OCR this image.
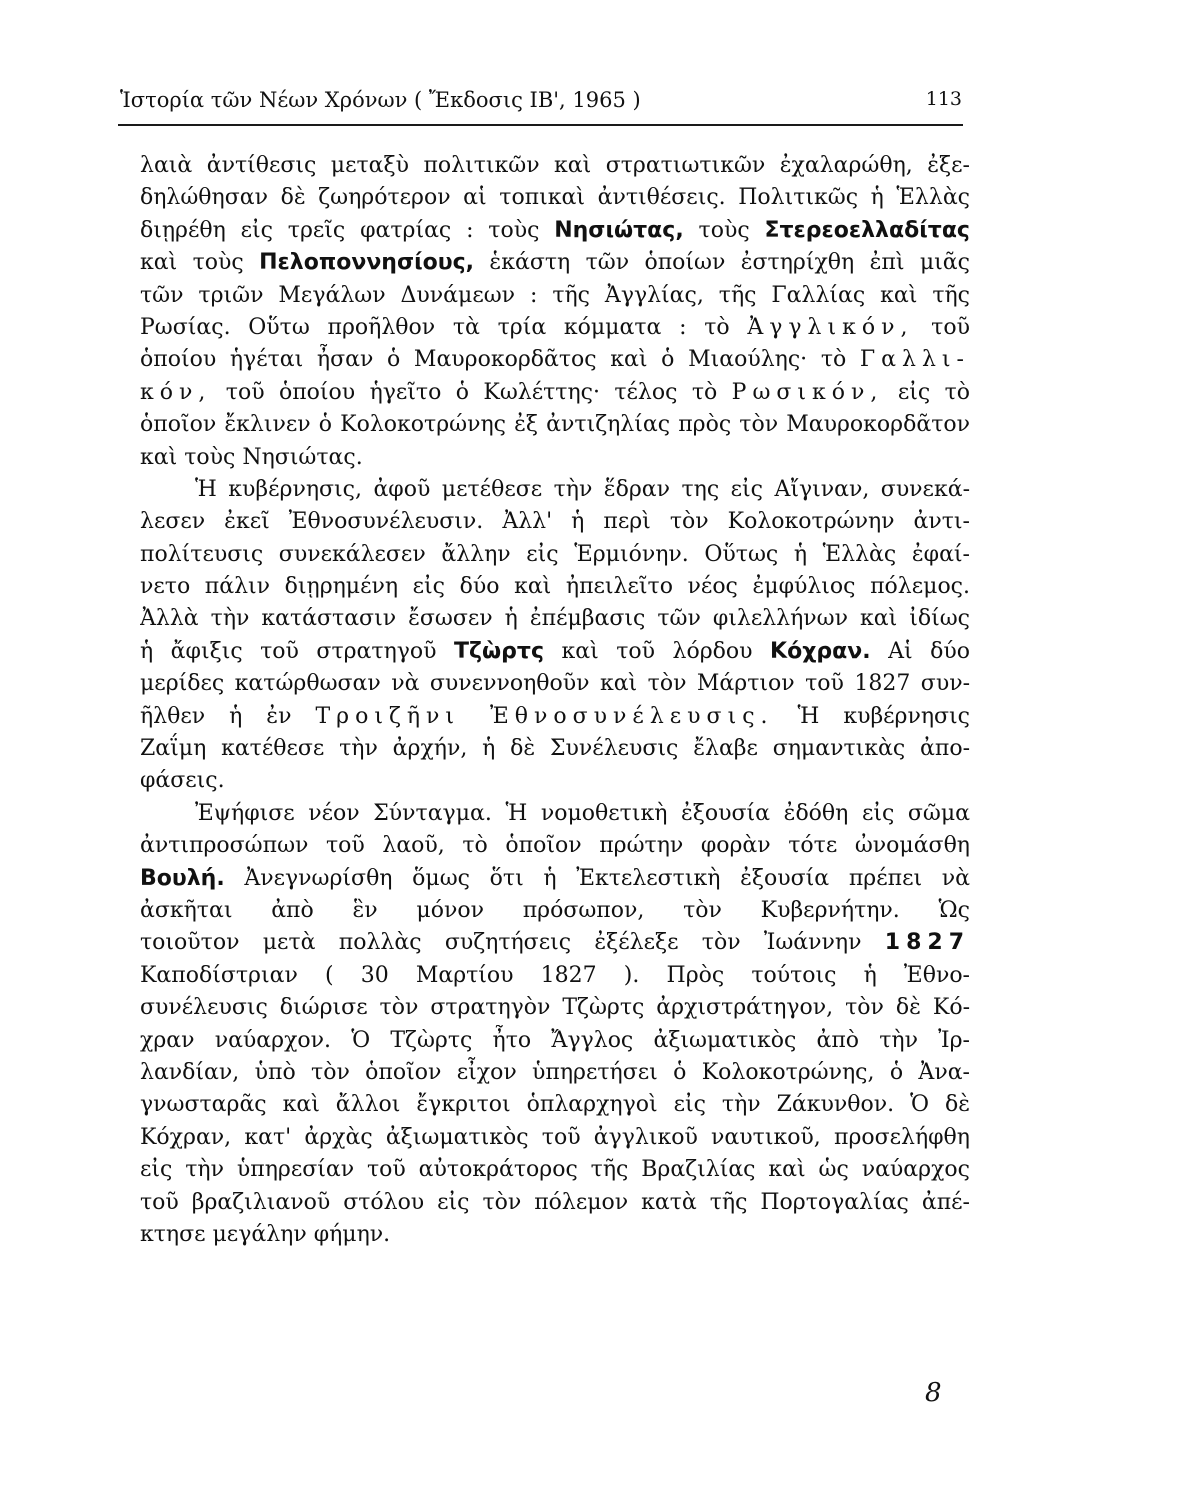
Ἱστορία τῶν Νέων Χρόνων ( Ἔκδοσις ΙΒ', 1965 )	113
λαιὰ ἀντίθεσις μεταξὺ πολιτικῶν καὶ στρατιωτικῶν ἐχαλαρώθη, ἐξε-
δηλώθησαν δὲ ζωηρότερον αἱ τοπικαὶ ἀντιθέσεις. Πολιτικῶς ἡ Ἑλλὰς
διῃρέθη εἰς τρεῖς φατρίας : τοὺς Νησιώτας, τοὺς Στερεοελλαδίτας
καὶ τοὺς Πελοποννησίους, ἑκάστη τῶν ὁποίων ἐστηρίχθη ἐπὶ μιᾶς
τῶν τριῶν Μεγάλων Δυνάμεων : τῆς Ἀγγλίας, τῆς Γαλλίας καὶ τῆς
Ρωσίας. Οὕτω προῆλθον τὰ τρία κόμματα : τὸ Ἀγγλικόν, τοῦ
ὁποίου ἡγέται ἦσαν ὁ Μαυροκορδᾶτος καὶ ὁ Μιαούλης· τὸ Γαλλι-
κόν, τοῦ ὁποίου ἡγεῖτο ὁ Κωλέττης· τέλος τὸ Ρωσικόν, εἰς τὸ
ὁποῖον ἔκλινεν ὁ Κολοκοτρώνης ἐξ ἀντιζηλίας πρὸς τὸν Μαυροκορδᾶτον
καὶ τοὺς Νησιώτας.
Ἡ κυβέρνησις, ἀφοῦ μετέθεσε τὴν ἕδραν της εἰς Αἴγιναν, συνεκά-
λεσεν ἐκεῖ Ἐθνοσυνέλευσιν. Ἀλλ' ἡ περὶ τὸν Κολοκοτρώνην ἀντι-
πολίτευσις συνεκάλεσεν ἄλλην εἰς Ἑρμιόνην. Οὕτως ἡ Ἑλλὰς ἐφαί-
νετο πάλιν διῃρημένη εἰς δύο καὶ ἠπειλεῖτο νέος ἐμφύλιος πόλεμος.
Ἀλλὰ τὴν κατάστασιν ἔσωσεν ἡ ἐπέμβασις τῶν φιλελλήνων καὶ ἰδίως
ἡ ἄφιξις τοῦ στρατηγοῦ Τζὼρτς καὶ τοῦ λόρδου Κόχραν. Αἱ δύο
μερίδες κατώρθωσαν νὰ συνεννοηθοῦν καὶ τὸν Μάρτιον τοῦ 1827 συν-
ῆλθεν ἡ ἐν Τροιζῆνι Ἐθνοσυνέλευσις. Ἡ κυβέρνησις
Ζαΐμη κατέθεσε τὴν ἀρχήν, ἡ δὲ Συνέλευσις ἔλαβε σημαντικὰς ἀπο-
φάσεις.
Ἐψήφισε νέον Σύνταγμα. Ἡ νομοθετικὴ ἐξουσία ἐδόθη εἰς σῶμα
ἀντιπροσώπων τοῦ λαοῦ, τὸ ὁποῖον πρώτην φορὰν τότε ὠνομάσθη
Βουλή. Ἀνεγνωρίσθη ὅμως ὅτι ἡ Ἐκτελεστικὴ ἐξουσία πρέπει νὰ
ἀσκῆται ἀπὸ ἓν μόνον πρόσωπον, τὸν Κυβερνήτην. Ὡς
τοιοῦτον μετὰ πολλὰς συζητήσεις ἐξέλεξε τὸν Ἰωάννην 1827
Καποδίστριαν ( 30 Μαρτίου 1827 ). Πρὸς τούτοις ἡ Ἐθνο-
συνέλευσις διώρισε τὸν στρατηγὸν Τζὼρτς ἀρχιστράτηγον, τὸν δὲ Κό-
χραν ναύαρχον. Ὁ Τζὼρτς ἦτο Ἄγγλος ἀξιωματικὸς ἀπὸ τὴν Ἰρ-
λανδίαν, ὑπὸ τὸν ὁποῖον εἶχον ὑπηρετήσει ὁ Κολοκοτρώνης, ὁ Ἀνα-
γνωσταρᾶς καὶ ἄλλοι ἔγκριτοι ὁπλαρχηγοὶ εἰς τὴν Ζάκυνθον. Ὁ δὲ
Κόχραν, κατ' ἀρχὰς ἀξιωματικὸς τοῦ ἀγγλικοῦ ναυτικοῦ, προσελήφθη
εἰς τὴν ὑπηρεσίαν τοῦ αὐτοκράτορος τῆς Βραζιλίας καὶ ὡς ναύαρχος
τοῦ βραζιλιανοῦ στόλου εἰς τὸν πόλεμον κατὰ τῆς Πορτογαλίας ἀπέ-
κτησε μεγάλην φήμην.
8
